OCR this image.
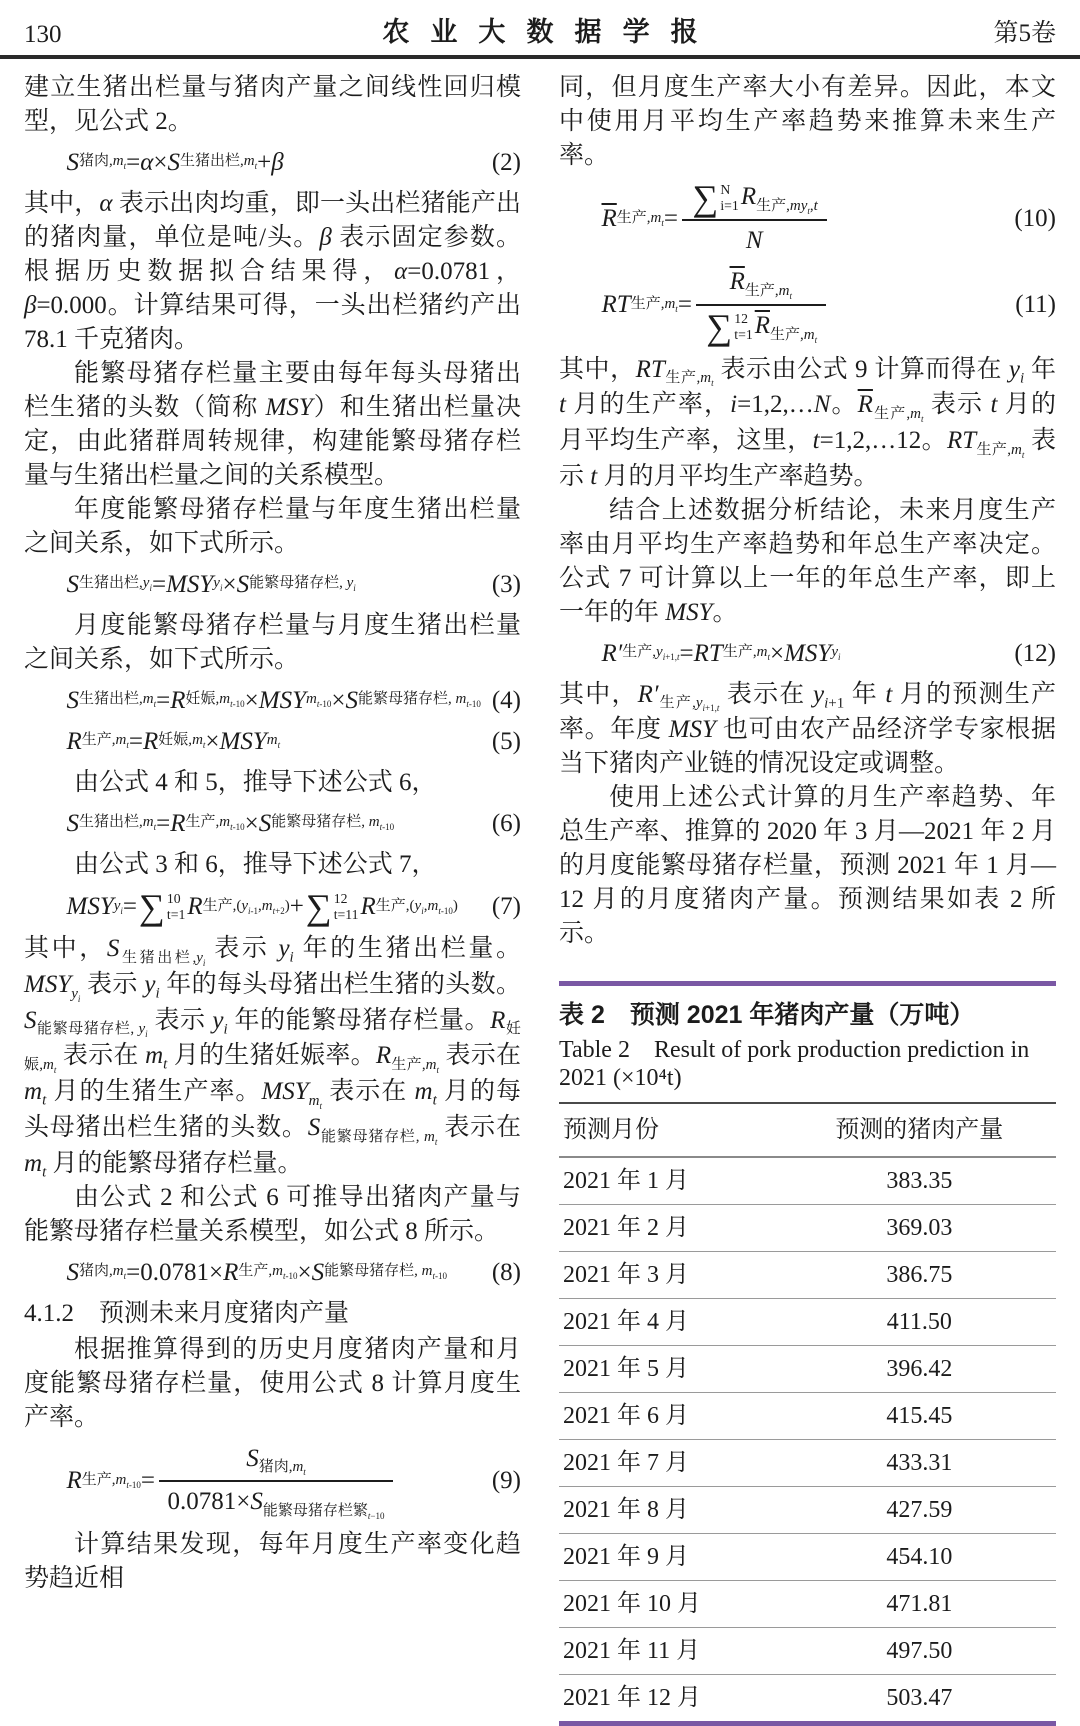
130	农业大数据学报	第5卷
建立生猪出栏量与猪肉产量之间线性回归模型，见公式 2。
S 猪肉$,m_t = \alpha \times S$ 生猪出栏$,m_t + \beta$	(2)
其中，α 表示出肉均重，即一头出栏猪能产出的猪肉量，单位是吨/头。β 表示固定参数。根据历史数据拟合结果得，α=0.0781，β=0.000。计算结果可得，一头出栏猪约产出 78.1 千克猪肉。
能繁母猪存栏量主要由每年每头母猪出栏生猪的头数（简称 MSY）和生猪出栏量决定，由此猪群周转规律，构建能繁母猪存栏量与生猪出栏量之间的关系模型。
年度能繁母猪存栏量与年度生猪出栏量之间关系，如下式所示。
S 生猪出栏$,y_i$ = MSY $y_i \times S$ 能繁母猪存栏, $y_i$	(3)
月度能繁母猪存栏量与月度生猪出栏量之间关系，如下式所示。
S 生猪出栏$,m_t = R$ 妊娠$,m_{t-10}$ × MSY $m_{t-10} \times S$ 能繁母猪存栏, $m_{t-10}$ (4)
R 生产$,m_t = R$ 妊娠$,m_t$ × MSY $m_t$	(5)
由公式 4 和 5，推导下述公式 6，
S 生猪出栏$,m_t = R$ 生产$,m_{t-10} \times S$ 能繁母猪存栏, $m_{t-10}$	(6)
由公式 3 和 6，推导下述公式 7，
MSY $y_i$ = ∑ 10
t=1 R 生产$,(y_{i-1},m_{t+2})$ + ∑ 12
t=11 R 生产$,(y_i,m_{t-10})$	(7)
其中，$S_{生猪出栏,y_i}$ 表示 $y_i$ 年的生猪出栏量。$MSY_{y_i}$ 表示 $y_i$ 年的每头母猪出栏生猪的头数。$S_{能繁母猪存栏, y_i}$ 表示 $y_i$ 年的能繁母猪存栏量。$R_{妊娠,m_t}$ 表示在 $m_t$ 月的生猪妊娠率。$R_{生产,m_t}$ 表示在 $m_t$ 月的生猪生产率。$MSY_{m_t}$ 表示在 $m_t$ 月的每头母猪出栏生猪的头数。$S_{能繁母猪存栏, m_t}$ 表示在 $m_t$ 月的能繁母猪存栏量。
由公式 2 和公式 6 可推导出猪肉产量与能繁母猪存栏量关系模型，如公式 8 所示。
S 猪肉$,m_t =0.0781\times R$ 生产$,m_{t-10} \times S$ 能繁母猪存栏, $m_{t-10}$	(8)
4.1.2　预测未来月度猪肉产量
根据推算得到的历史月度猪肉产量和月度能繁母猪存栏量，使用公式 8 计算月度生产率。
R 生产$,m_{t-10} = \frac{S_{猪肉,m_t}}{0.0781\times S_{能繁母猪存栏繁_{t-10}}}$	(9)
计算结果发现，每年月度生产率变化趋势趋近相
同，但月度生产率大小有差异。因此，本文中使用月平均生产率趋势来推算未来生产率。
$\overline{R}$ 生产$,m_t$ = ∑ N
i=1 $R_{生产,my_t,t}$
N	(10)
RT 生产$,m_t = \overline{R}_{生产,m_t}$
∑ 12
t=1 $\overline{R}_{生产,m_t}$	(11)
其中，$RT_{生产,m_t}$ 表示由公式 9 计算而得在 $y_i$ 年 t 月的生产率，i=1,2,…N。$\overline{R}_{生产,m_t}$ 表示 t 月的月平均生产率，这里，t=1,2,…12。$RT_{生产,m_t}$ 表示 t 月的月平均生产率趋势。
结合上述数据分析结论，未来月度生产率由月平均生产率趋势和年总生产率决定。公式 7 可计算以上一年的年总生产率，即上一年的年 MSY。
R′ 生产$,y_{i+1,t}$ = RT 生产$,m_t$ × MSY $y_i$	(12)
其中，$R'_{生产,y_{i+1,t}}$ 表示在 $y_{i+1}$ 年 t 月的预测生产率。年度 MSY 也可由农产品经济学专家根据当下猪肉产业链的情况设定或调整。
使用上述公式计算的月生产率趋势、年总生产率、推算的 2020 年 3 月—2021 年 2 月的月度能繁母猪存栏量，预测 2021 年 1 月—12 月的月度猪肉产量。预测结果如表 2 所示。
表 2　预测 2021 年猪肉产量（万吨）
Table 2　Result of pork production prediction in 2021 (×10⁴t)
预测月份	预测的猪肉产量
2021 年 1 月	383.35
2021 年 2 月	369.03
2021 年 3 月	386.75
2021 年 4 月	411.50
2021 年 5 月	396.42
2021 年 6 月	415.45
2021 年 7 月	433.31
2021 年 8 月	427.59
2021 年 9 月	454.10
2021 年 10 月	471.81
2021 年 11 月	497.50
2021 年 12 月	503.47
